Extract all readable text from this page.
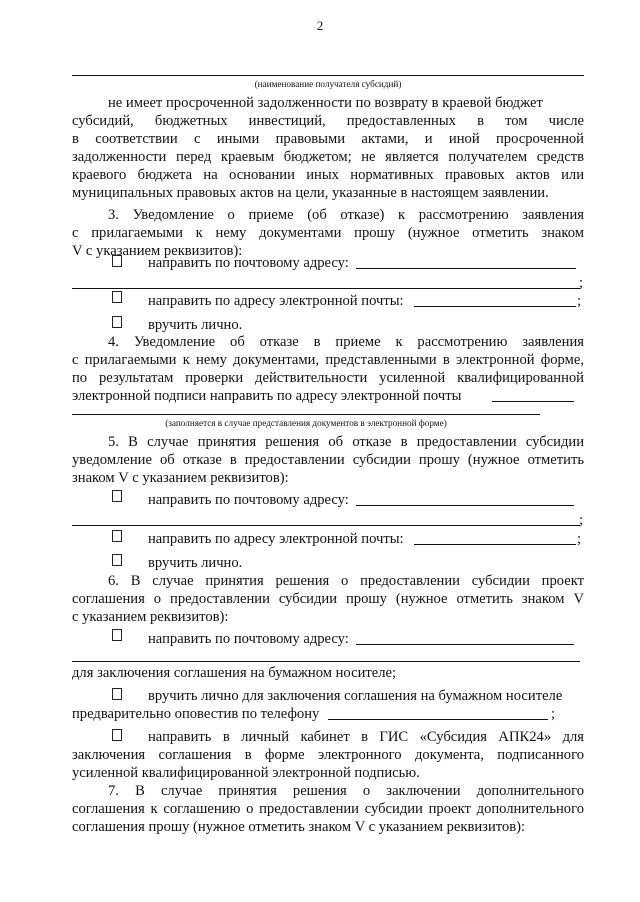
2
(наименование получателя субсидий)
не имеет просроченной задолженности по возврату в краевой бюджет
субсидий, бюджетных инвестиций, предоставленных в том числе
в соответствии с иными правовыми актами, и иной просроченной
задолженности перед краевым бюджетом; не является получателем средств
краевого бюджета на основании иных нормативных правовых актов или
муниципальных правовых актов на цели, указанные в настоящем заявлении.
3. Уведомление о приеме (об отказе) к рассмотрению заявления
с прилагаемыми к нему документами прошу (нужное отметить знаком
V с указанием реквизитов):
направить по почтовому адресу:
;
направить по адресу электронной почты:	;
вручить лично.
4. Уведомление об отказе в приеме к рассмотрению заявления
с прилагаемыми к нему документами, представленными в электронной форме,
по результатам проверки действительности усиленной квалифицированной
электронной подписи направить по адресу электронной почты
(заполняется в случае представления документов в электронной форме)
5. В случае принятия решения об отказе в предоставлении субсидии
уведомление об отказе в предоставлении субсидии прошу (нужное отметить
знаком V с указанием реквизитов):
направить по почтовому адресу:
;
направить по адресу электронной почты:	;
вручить лично.
6. В случае принятия решения о предоставлении субсидии проект
соглашения о предоставлении субсидии прошу (нужное отметить знаком V
с указанием реквизитов):
направить по почтовому адресу:
для заключения соглашения на бумажном носителе;
вручить лично для заключения соглашения на бумажном носителе
предварительно оповестив по телефону	;
направить в личный кабинет в ГИС «Субсидия АПК24» для
заключения соглашения в форме электронного документа, подписанного
усиленной квалифицированной электронной подписью.
7. В случае принятия решения о заключении дополнительного
соглашения к соглашению о предоставлении субсидии проект дополнительного
соглашения прошу (нужное отметить знаком V с указанием реквизитов):
